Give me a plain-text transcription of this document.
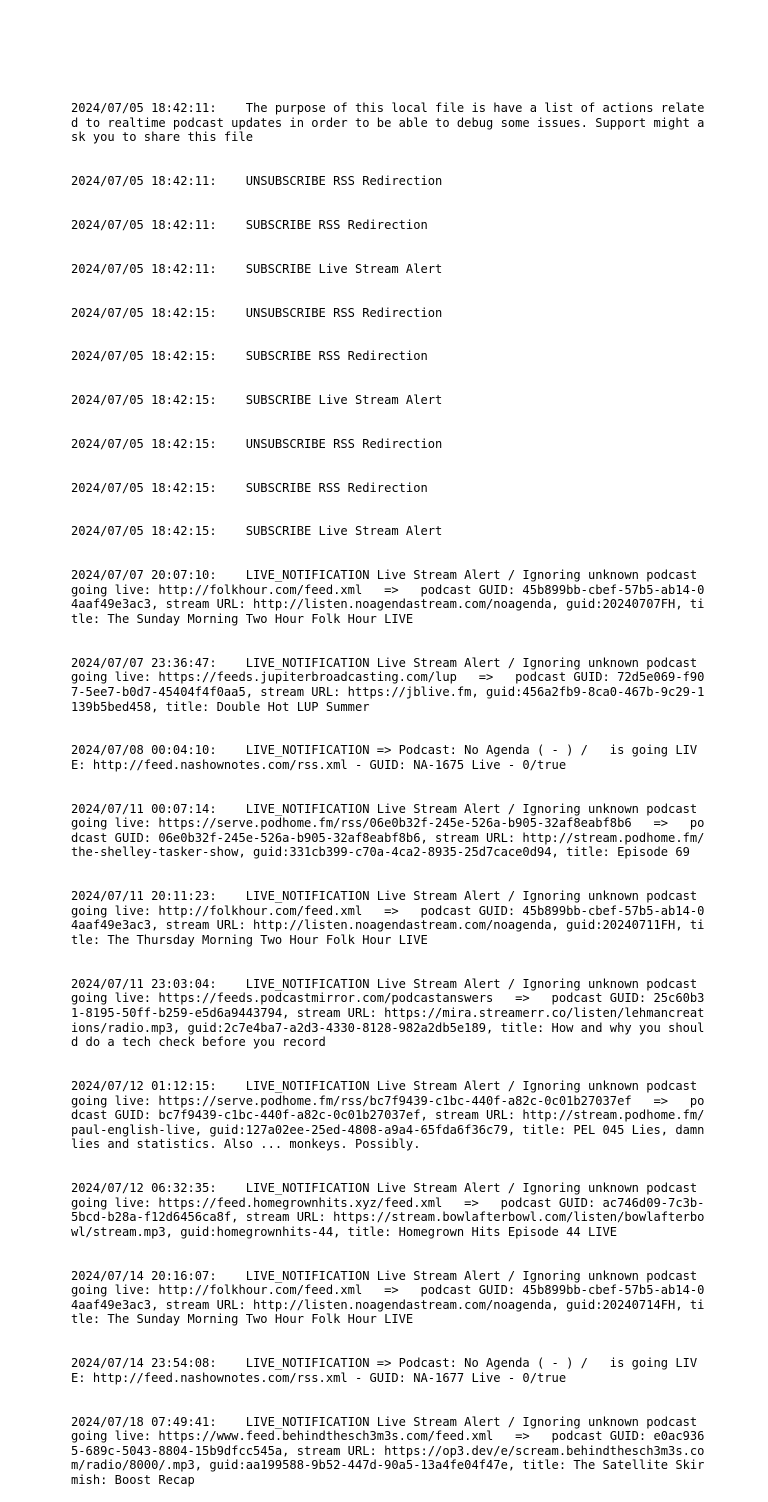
2024/07/05 18:42:11:    The purpose of this local file is have a list of actions related to realtime podcast updates in order to be able to debug some issues. Support might ask you to share this file

2024/07/05 18:42:11:    UNSUBSCRIBE RSS Redirection

2024/07/05 18:42:11:    SUBSCRIBE RSS Redirection

2024/07/05 18:42:11:    SUBSCRIBE Live Stream Alert

2024/07/05 18:42:15:    UNSUBSCRIBE RSS Redirection

2024/07/05 18:42:15:    SUBSCRIBE RSS Redirection

2024/07/05 18:42:15:    SUBSCRIBE Live Stream Alert

2024/07/05 18:42:15:    UNSUBSCRIBE RSS Redirection

2024/07/05 18:42:15:    SUBSCRIBE RSS Redirection

2024/07/05 18:42:15:    SUBSCRIBE Live Stream Alert

2024/07/07 20:07:10:    LIVE_NOTIFICATION Live Stream Alert / Ignoring unknown podcast going live: http://folkhour.com/feed.xml   =>   podcast GUID: 45b899bb-cbef-57b5-ab14-04aaf49e3ac3, stream URL: http://listen.noagendastream.com/noagenda, guid:20240707FH, title: The Sunday Morning Two Hour Folk Hour LIVE

2024/07/07 23:36:47:    LIVE_NOTIFICATION Live Stream Alert / Ignoring unknown podcast going live: https://feeds.jupiterbroadcasting.com/lup   =>   podcast GUID: 72d5e069-f907-5ee7-b0d7-45404f4f0aa5, stream URL: https://jblive.fm, guid:456a2fb9-8ca0-467b-9c29-1139b5bed458, title: Double Hot LUP Summer

2024/07/08 00:04:10:    LIVE_NOTIFICATION => Podcast: No Agenda ( - ) /   is going LIVE: http://feed.nashownotes.com/rss.xml - GUID: NA-1675 Live - 0/true

2024/07/11 00:07:14:    LIVE_NOTIFICATION Live Stream Alert / Ignoring unknown podcast going live: https://serve.podhome.fm/rss/06e0b32f-245e-526a-b905-32af8eabf8b6   =>   podcast GUID: 06e0b32f-245e-526a-b905-32af8eabf8b6, stream URL: http://stream.podhome.fm/the-shelley-tasker-show, guid:331cb399-c70a-4ca2-8935-25d7cace0d94, title: Episode 69

2024/07/11 20:11:23:    LIVE_NOTIFICATION Live Stream Alert / Ignoring unknown podcast going live: http://folkhour.com/feed.xml   =>   podcast GUID: 45b899bb-cbef-57b5-ab14-04aaf49e3ac3, stream URL: http://listen.noagendastream.com/noagenda, guid:20240711FH, title: The Thursday Morning Two Hour Folk Hour LIVE

2024/07/11 23:03:04:    LIVE_NOTIFICATION Live Stream Alert / Ignoring unknown podcast going live: https://feeds.podcastmirror.com/podcastanswers   =>   podcast GUID: 25c60b31-8195-50ff-b259-e5d6a9443794, stream URL: https://mira.streamerr.co/listen/lehmancreations/radio.mp3, guid:2c7e4ba7-a2d3-4330-8128-982a2db5e189, title: How and why you should do a tech check before you record

2024/07/12 01:12:15:    LIVE_NOTIFICATION Live Stream Alert / Ignoring unknown podcast going live: https://serve.podhome.fm/rss/bc7f9439-c1bc-440f-a82c-0c01b27037ef   =>   podcast GUID: bc7f9439-c1bc-440f-a82c-0c01b27037ef, stream URL: http://stream.podhome.fm/paul-english-live, guid:127a02ee-25ed-4808-a9a4-65fda6f36c79, title: PEL 045 Lies, damn lies and statistics. Also ... monkeys. Possibly.

2024/07/12 06:32:35:    LIVE_NOTIFICATION Live Stream Alert / Ignoring unknown podcast going live: https://feed.homegrownhits.xyz/feed.xml   =>   podcast GUID: ac746d09-7c3b-5bcd-b28a-f12d6456ca8f, stream URL: https://stream.bowlafterbowl.com/listen/bowlafterbowl/stream.mp3, guid:homegrownhits-44, title: Homegrown Hits Episode 44 LIVE

2024/07/14 20:16:07:    LIVE_NOTIFICATION Live Stream Alert / Ignoring unknown podcast going live: http://folkhour.com/feed.xml   =>   podcast GUID: 45b899bb-cbef-57b5-ab14-04aaf49e3ac3, stream URL: http://listen.noagendastream.com/noagenda, guid:20240714FH, title: The Sunday Morning Two Hour Folk Hour LIVE

2024/07/14 23:54:08:    LIVE_NOTIFICATION => Podcast: No Agenda ( - ) /   is going LIVE: http://feed.nashownotes.com/rss.xml - GUID: NA-1677 Live - 0/true

2024/07/18 07:49:41:    LIVE_NOTIFICATION Live Stream Alert / Ignoring unknown podcast going live: https://www.feed.behindthesch3m3s.com/feed.xml   =>   podcast GUID: e0ac9365-689c-5043-8804-15b9dfcc545a, stream URL: https://op3.dev/e/scream.behindthesch3m3s.com/radio/8000/.mp3, guid:aa199588-9b52-447d-90a5-13a4fe04f47e, title: The Satellite Skirmish: Boost Recap
